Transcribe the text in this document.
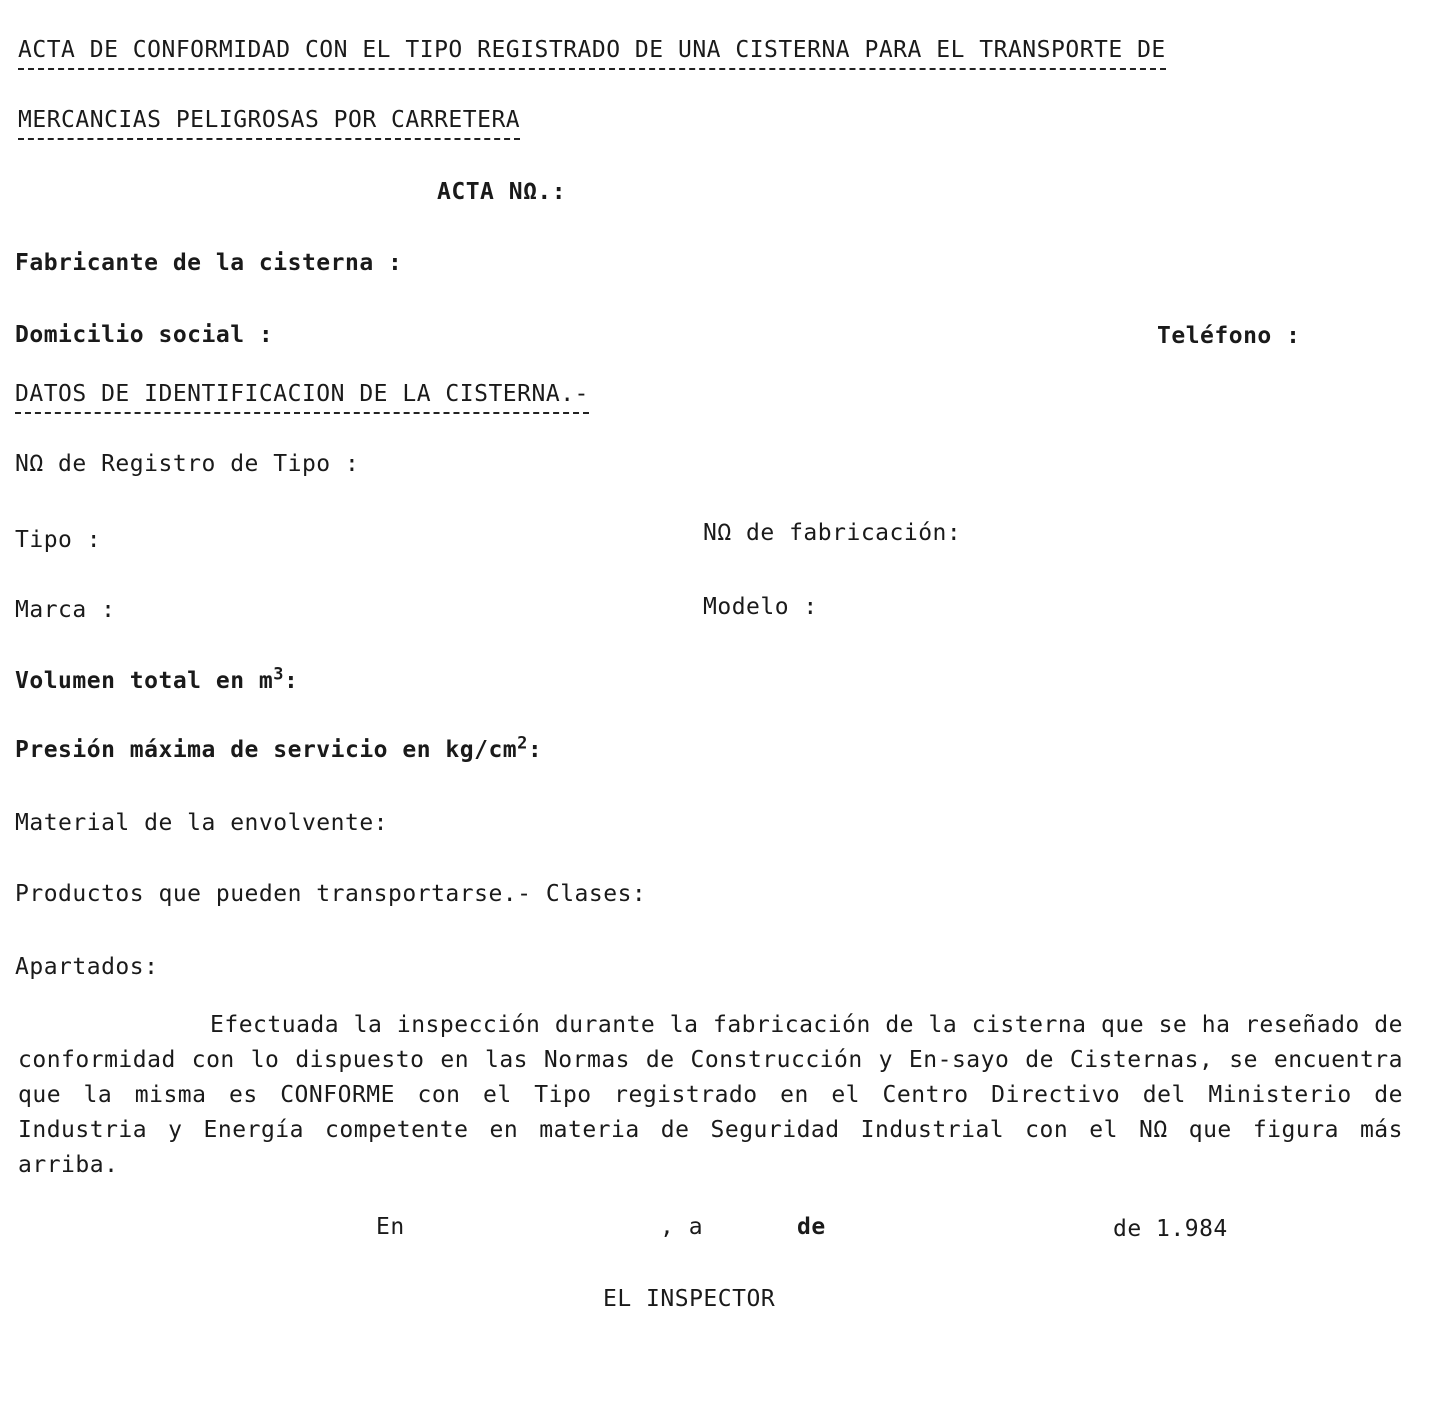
ACTA DE CONFORMIDAD CON EL TIPO REGISTRADO DE UNA CISTERNA PARA EL TRANSPORTE DE
MERCANCIAS PELIGROSAS POR CARRETERA
ACTA NΩ.:
Fabricante de la cisterna :
Domicilio social :	Teléfono :
DATOS DE IDENTIFICACION DE LA CISTERNA.-
NΩ de Registro de Tipo :
Tipo :	NΩ de fabricación:
Marca :	Modelo :
Volumen total en $m^3$:
Presión máxima de servicio en $kg/cm^2$:
Material de la envolvente:
Productos que pueden transportarse.- Clases:
Apartados:
Efectuada la inspección durante la fabricación de la cisterna que se ha reseñado de conformidad con lo dispuesto en las Normas de Construcción y En-sayo de Cisternas, se encuentra que la misma es CONFORME con el Tipo registrado en el Centro Directivo del Ministerio de Industria y Energía competente en materia de Seguridad Industrial con el NΩ que figura más arriba.
En	, a	de	de 1.984
EL INSPECTOR
